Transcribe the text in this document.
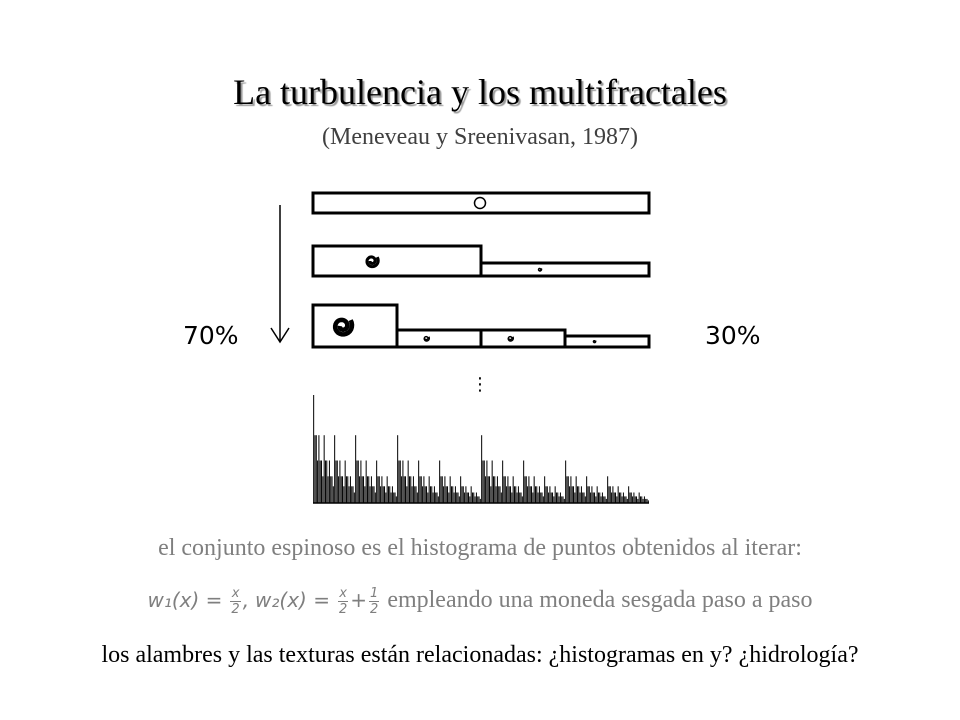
La turbulencia y los multifractales
(Meneveau y Sreenivasan, 1987)
70%	30%
⋮
el conjunto espinoso es el histograma de puntos obtenidos al iterar:
$w_1(x) = \frac{x}{2}$ , $w_2(x) = \frac{x}{2} + \frac{1}{2}$ empleando una moneda sesgada paso a paso
los alambres y las texturas están relacionadas: ¿histogramas en y? ¿hidrología?
